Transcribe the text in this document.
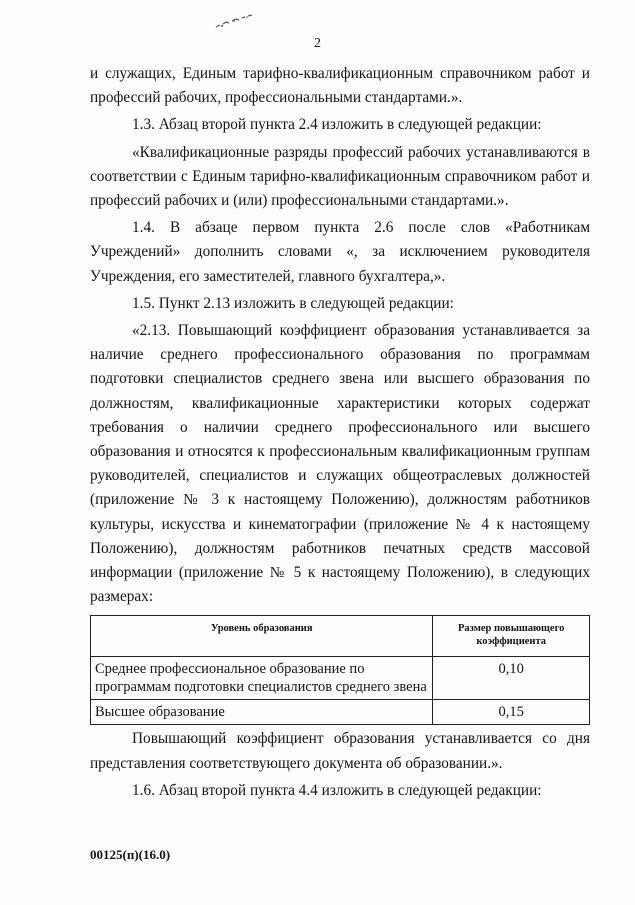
2

и служащих, Единым тарифно-квалификационным справочником работ и профессий рабочих, профессиональными стандартами.».

1.3. Абзац второй пункта 2.4 изложить в следующей редакции:

«Квалификационные разряды профессий рабочих устанавливаются в соответствии с Единым тарифно-квалификационным справочником работ и профессий рабочих и (или) профессиональными стандартами.».

1.4. В абзаце первом пункта 2.6 после слов «Работникам Учреждений» дополнить словами «, за исключением руководителя Учреждения, его заместителей, главного бухгалтера,».

1.5. Пункт 2.13 изложить в следующей редакции:

«2.13. Повышающий коэффициент образования устанавливается за наличие среднего профессионального образования по программам подготовки специалистов среднего звена или высшего образования по должностям, квалификационные характеристики которых содержат требования о наличии среднего профессионального или высшего образования и относятся к профессиональным квалификационным группам руководителей, специалистов и служащих общеотраслевых должностей (приложение № 3 к настоящему Положению), должностям работников культуры, искусства и кинематографии (приложение № 4 к настоящему Положению), должностям работников печатных средств массовой информации (приложение № 5 к настоящему Положению), в следующих размерах:

Уровень образования	Размер повышающего коэффициента
Среднее профессиональное образование по программам подготовки специалистов среднего звена	0,10
Высшее образование	0,15

Повышающий коэффициент образования устанавливается со дня представления соответствующего документа об образовании.».

1.6. Абзац второй пункта 4.4 изложить в следующей редакции:

00125(п)(16.0)
